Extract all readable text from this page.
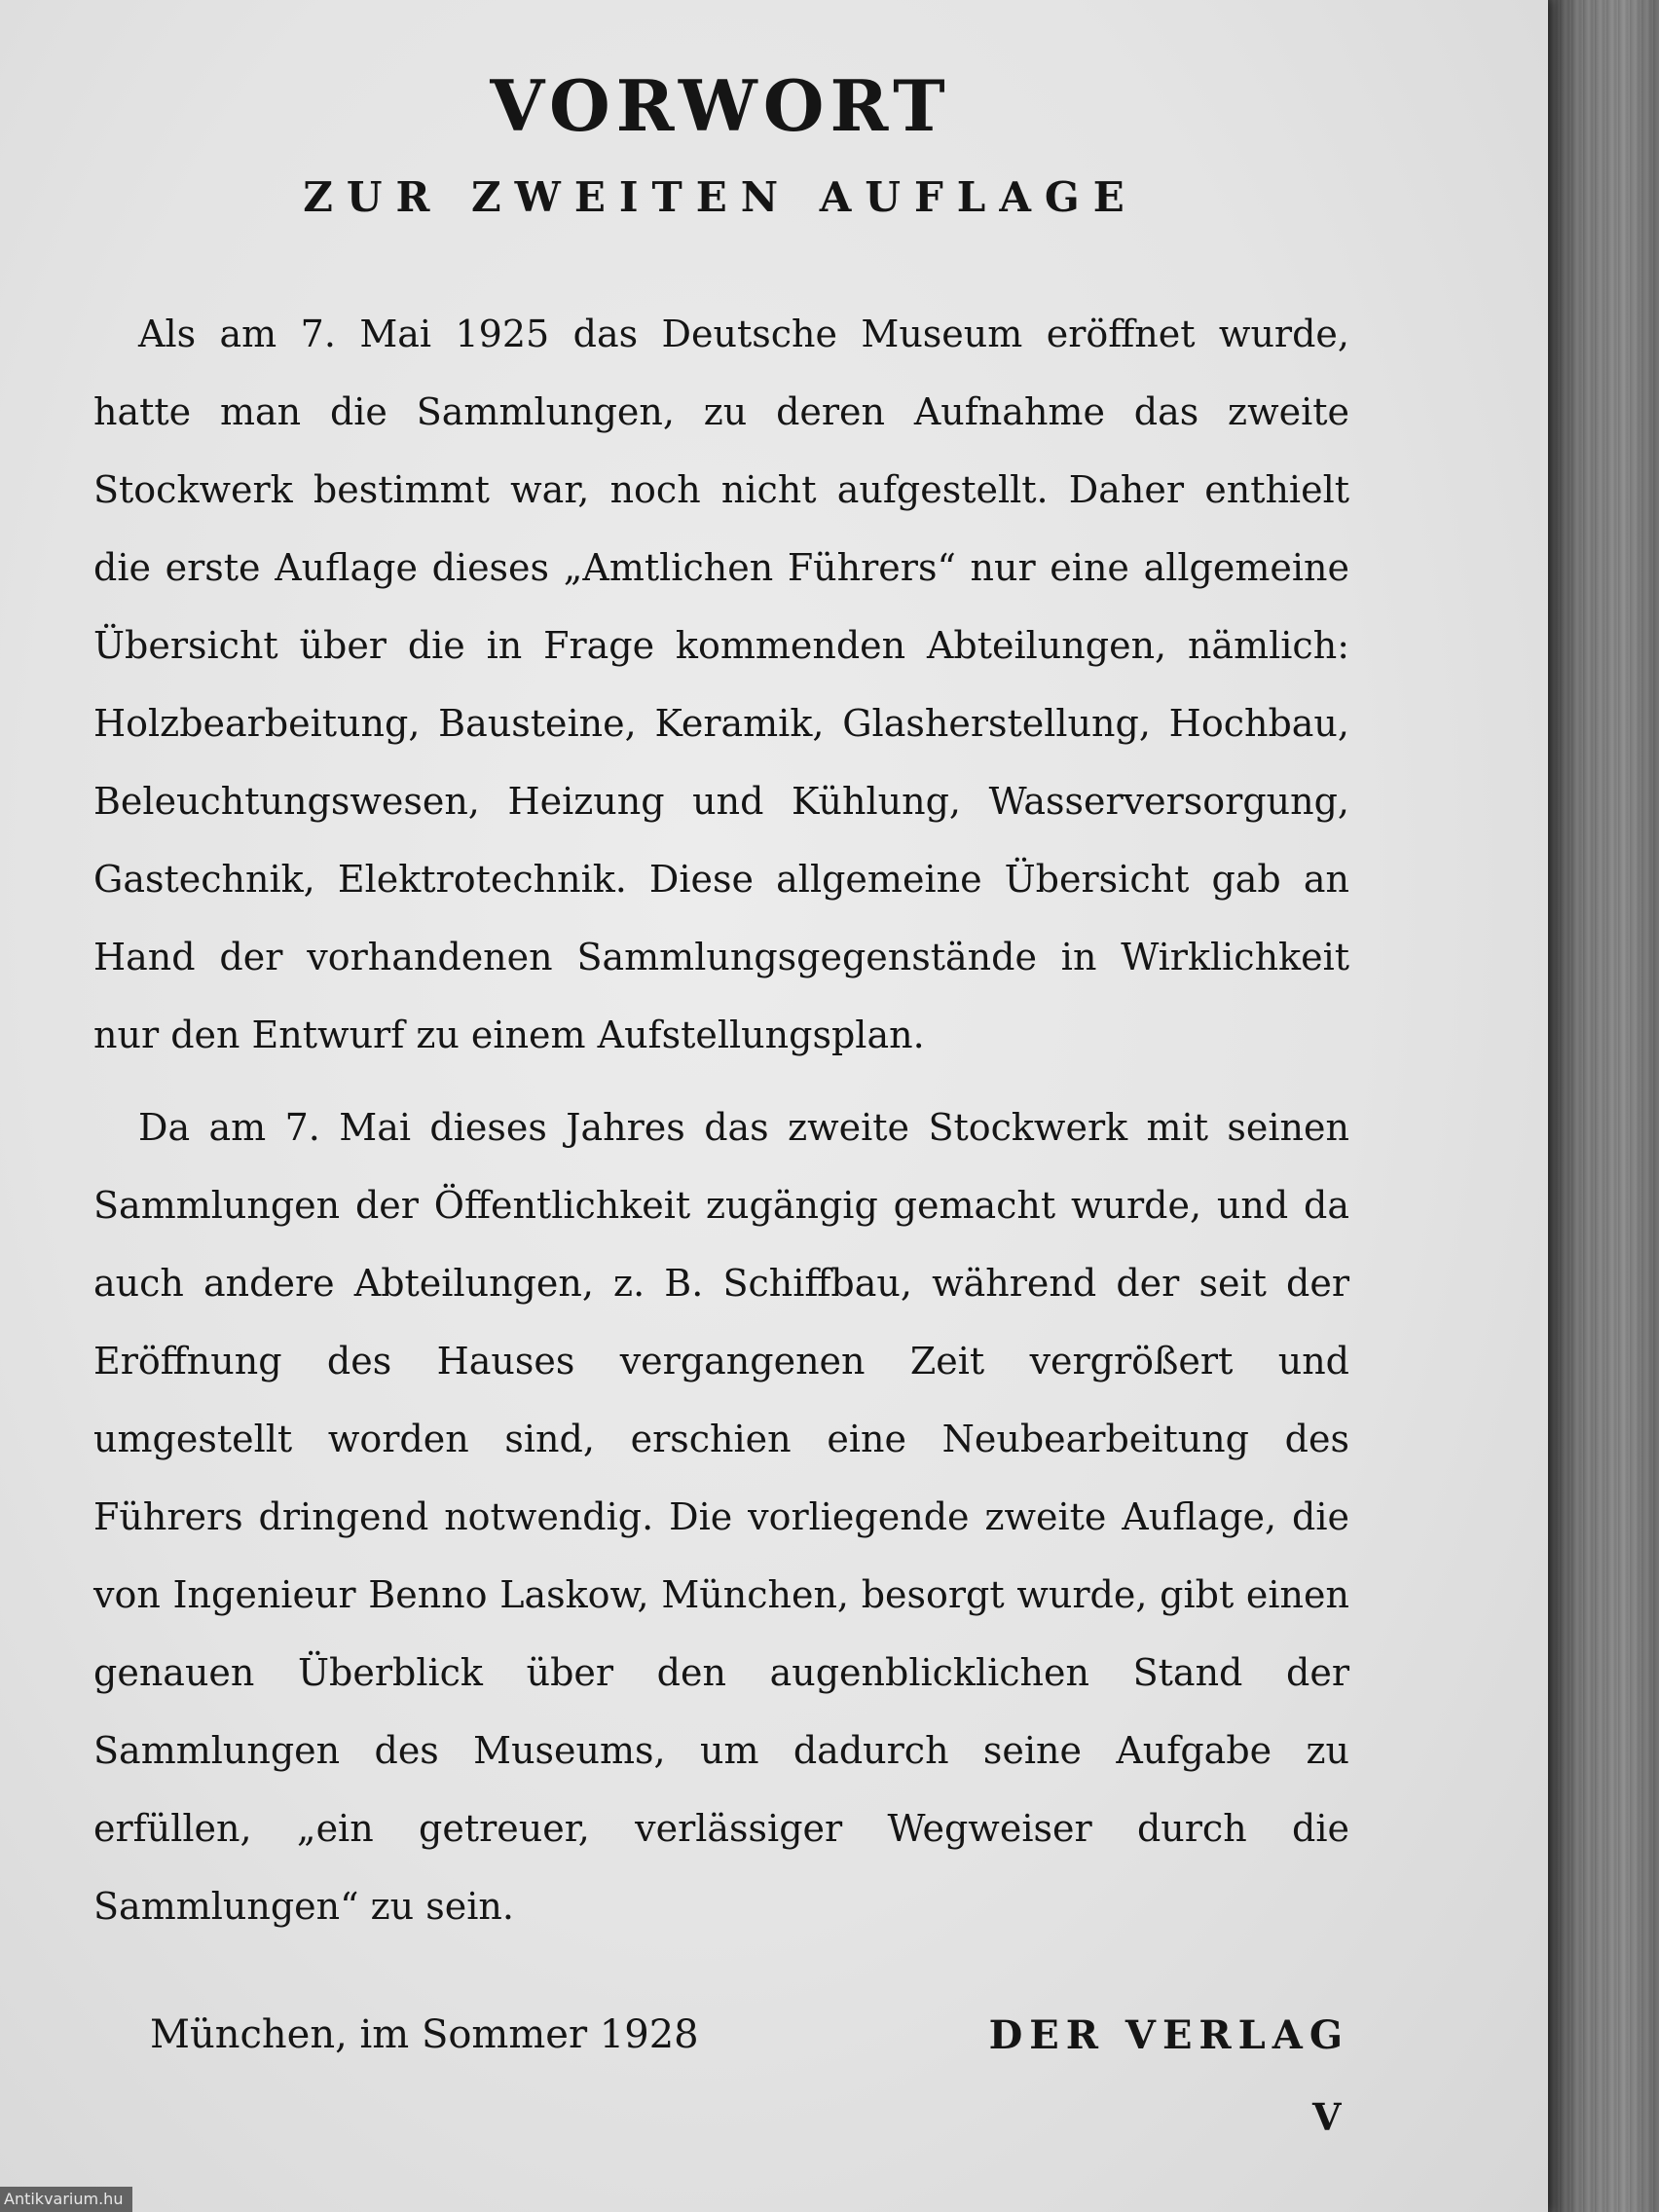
VORWORT
ZUR ZWEITEN AUFLAGE

Als am 7. Mai 1925 das Deutsche Museum eröffnet wurde, hatte man die Sammlungen, zu deren Aufnahme das zweite Stockwerk bestimmt war, noch nicht aufgestellt. Daher enthielt die erste Auflage dieses „Amtlichen Führers“ nur eine allgemeine Übersicht über die in Frage kommenden Abteilungen, nämlich: Holzbearbeitung, Bausteine, Keramik, Glasherstellung, Hochbau, Beleuchtungswesen, Heizung und Kühlung, Wasserversorgung, Gastechnik, Elektrotechnik. Diese allgemeine Übersicht gab an Hand der vorhandenen Sammlungsgegenstände in Wirklichkeit nur den Entwurf zu einem Aufstellungsplan.

Da am 7. Mai dieses Jahres das zweite Stockwerk mit seinen Sammlungen der Öffentlichkeit zugängig gemacht wurde, und da auch andere Abteilungen, z. B. Schiffbau, während der seit der Eröffnung des Hauses vergangenen Zeit vergrößert und umgestellt worden sind, erschien eine Neubearbeitung des Führers dringend notwendig. Die vorliegende zweite Auflage, die von Ingenieur Benno Laskow, München, besorgt wurde, gibt einen genauen Überblick über den augenblicklichen Stand der Sammlungen des Museums, um dadurch seine Aufgabe zu erfüllen, „ein getreuer, verlässiger Wegweiser durch die Sammlungen“ zu sein.

München, im Sommer 1928	DER VERLAG
V
Antikvarium.hu
